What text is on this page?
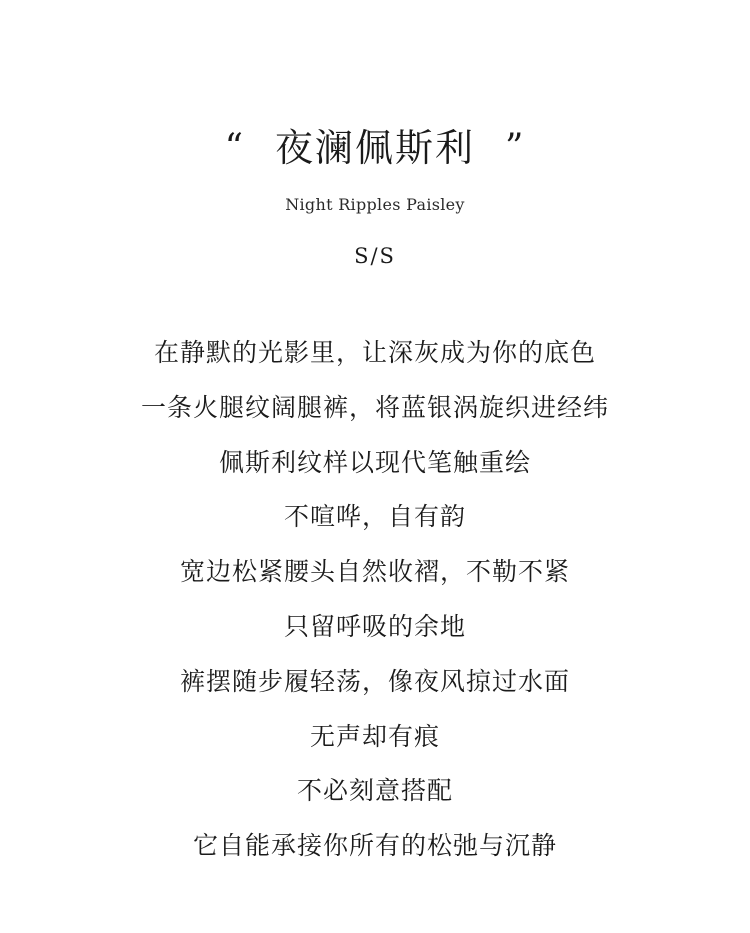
“ 夜澜佩斯利 ”
Night Ripples Paisley
S/S
在静默的光影里，让深灰成为你的底色
一条火腿纹阔腿裤，将蓝银涡旋织进经纬
佩斯利纹样以现代笔触重绘
不喧哗，自有韵
宽边松紧腰头自然收褶，不勒不紧
只留呼吸的余地
裤摆随步履轻荡，像夜风掠过水面
无声却有痕
不必刻意搭配
它自能承接你所有的松弛与沉静
